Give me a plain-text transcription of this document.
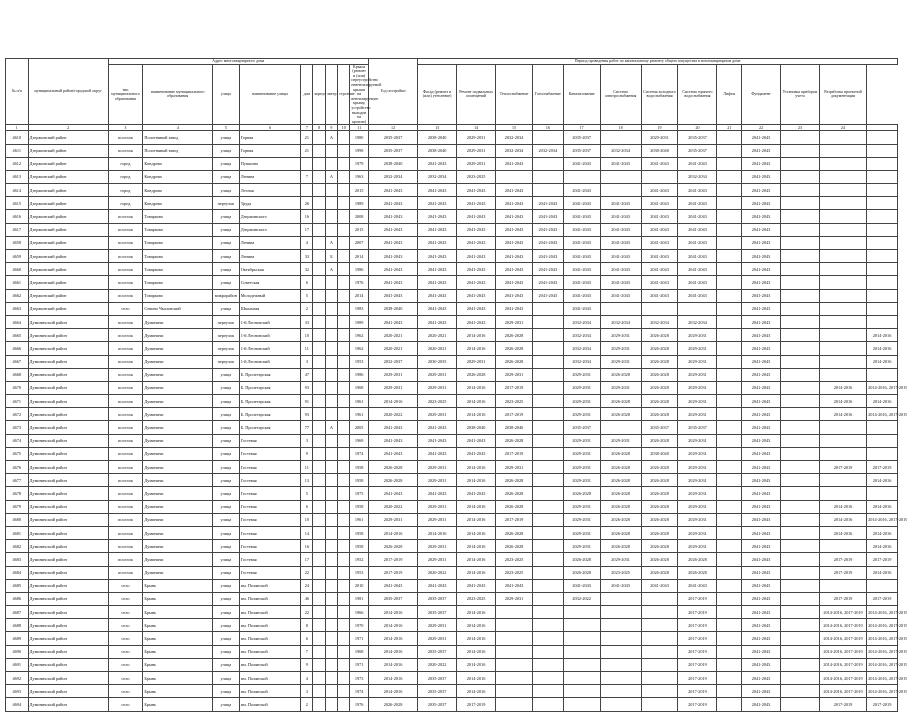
№ п/п	муниципальный район/городской округ	Адрес многоквартирного дома									Год постройки	Период проведения работ по капитальному ремонту общего имущества в многоквартирном доме												
		тип муниципального образования	наименование муниципального образования	улица	наименование улицы	дом	корпус	литер	строение	Крыша (ремонт и (или) переустройство невентилируемой крыши на вентилируемую крышу, устройство выходов на кровлю)		Фасад (ремонт и (или) утепление)	Ремонт подвальных помещений	Теплоснабжение	Газоснабжение	Канализование	Система электроснабжения	Система холодного водоснабжения	Система горячего водоснабжения	Лифты	Фундамент	Установка приборов учета	Разработка проектной документации	
1	2	3	4	5	6	7	8	9	10	11	12	13	14	15	16	17	18	19	20	21	22	23	24	
4610	Дзержинский район	поселок	Полотняный завод	улица	Горная	21		А		1980	2035-2037	2038-2040	2029-2031	2032-2034		2035-2037		2029-2031	2035-2037		2041-2043			
4611	Дзержинский район	поселок	Полотняный завод	улица	Горная	21				1998	2035-2037	2038-2040	2029-2031	2032-2034	2032-2034	2035-2037	2032-2034	2038-2040	2035-2037		2041-2043			
4612	Дзержинский район	город	Кондрово	улица	Пушкина					1979	2038-2040	2041-2043	2029-2031	2041-2043		2041-2043	2041-2043	2041-2043	2041-2043		2041-2043			
4613	Дзержинский район	город	Кондрово	улица	Ленина	7		А		1963	2032-2034	2032-2034	2023-2025						2032-2034		2041-2043			
4614	Дзержинский район	город	Кондрово	улица	Лесная					2015	2041-2043	2041-2043	2041-2043	2041-2043		2041-2043		2041-2043	2041-2043		2041-2043			
4615	Дзержинский район	город	Кондрово	переулок	Труда	26				1989	2041-2043	2041-2043	2041-2043	2041-2043	2041-2043	2041-2043	2041-2043	2041-2043	2041-2043		2041-2043			
4616	Дзержинский район	поселок	Товарково	улица	Дзержинского	16				2008	2041-2043	2041-2043	2041-2043	2041-2043	2041-2043	2041-2043	2041-2043	2041-2043	2041-2043		2041-2043			
4617	Дзержинский район	поселок	Товарково	улица	Дзержинского	17				2015	2041-2043	2041-2043	2041-2043	2041-2043	2041-2043	2041-2043	2041-2043	2041-2043	2041-2043		2041-2043			
4658	Дзержинский район	поселок	Товарково	улица	Ленина	4		А		2007	2041-2043	2041-2043	2041-2043	2041-2043	2041-2043	2041-2043	2041-2043	2041-2043	2041-2043		2041-2043			
4659	Дзержинский район	поселок	Товарково	улица	Ленина	33		Б		2014	2041-2043	2041-2043	2041-2043	2041-2043	2041-2043	2041-2043	2041-2043	2041-2043	2041-2043		2041-2043			
4660	Дзержинский район	поселок	Товарково	улица	Октябрьская	32		А		1986	2041-2043	2041-2043	2041-2043	2041-2043	2041-2043	2041-2043	2041-2043	2041-2043	2041-2043		2041-2043			
4661	Дзержинский район	поселок	Товарково	улица	Советская	6				1976	2041-2043	2041-2043	2041-2043	2041-2043	2041-2043	2041-2043	2041-2043	2041-2043	2041-2043		2041-2043			
4662	Дзержинский район	поселок	Товарково	микрорайон	Молодежный	5				2014	2041-2043	2041-2043	2041-2043	2041-2043	2041-2043	2041-2043	2041-2043	2041-2043	2041-2043		2041-2043			
4663	Дзержинский район	село	Севино Чкаловский	улица	Шкальная	2				1983	2038-2040	2041-2043	2041-2043	2041-2043		2041-2043					2041-2043			
4664	Думиничский район	поселок	Думиничи	переулок	1-й Леоновский	33				1989	2041-2043	2041-2043	2041-2043	2029-2031		2032-2034	2032-2034	2032-2034	2032-2034		2041-2043			
4665	Думиничский район	поселок	Думиничи	переулок	1-й Леоновский	10				1962	2020-2021	2020-2021	2014-2016	2026-2028		2032-2034	2029-2031	2026-2028	2029-2031		2041-2043			2014-2016
4666	Думиничский район	поселок	Думиничи	переулок	1-й Леоновский	11				1962	2020-2021	2020-2021	2014-2016	2026-2028		2032-2034	2029-2031	2026-2028	2029-2031		2041-2043			2014-2016
4667	Думиничский район	поселок	Думиничи	переулок	1-й Леоновский	3				1953	2032-2037	2030-2035	2029-2031	2026-2028		2032-2034	2029-2031	2026-2028	2029-2031		2041-2043			2014-2016
4668	Думиничский район	поселок	Думиничи	улица	Б. Пролетарская	47				1986	2029-2031	2029-2031	2026-2028	2029-2031		2029-2031	2026-2028	2026-2028	2029-2031		2041-2043			
4670	Думиничский район	поселок	Думиничи	улица	Б. Пролетарская	93				1968	2029-2031	2029-2031	2014-2016	2017-2019		2029-2031	2029-2031	2026-2028	2029-2031		2041-2043		2014-2016	2014-2016, 2017-2019
4671	Думиничский район	поселок	Думиничи	улица	Б. Пролетарская	91				1961	2014-2016	2023-2025	2014-2016	2023-2025		2029-2031	2026-2028	2026-2028	2029-2031		2041-2043		2014-2016	2014-2016
4672	Думиничский район	поселок	Думиничи	улица	Б. Пролетарская	93				1961	2020-2022	2029-2031	2014-2016	2017-2019		2029-2031	2026-2028	2026-2028	2029-2031		2041-2043		2014-2016	2014-2016, 2017-2019
4673	Думиничский район	поселок	Думиничи	улица	Б. Пролетарская	77		А		2005	2041-2043	2041-2043	2038-2040	2038-2040		2035-2037		2035-2037	2035-2037		2041-2043			
4674	Думиничский район	поселок	Думиничи	улица	Гостевая	3				1969	2041-2043	2041-2043	2041-2043	2026-2028		2029-2031	2029-2031	2026-2028	2029-2031		2041-2043			
4675	Думиничский район	поселок	Думиничи	улица	Гостевая	9				1974	2041-2043	2041-2043	2041-2043	2017-2019		2029-2031	2026-2028	2038-2040	2029-2031		2041-2043			
4676	Думиничский район	поселок	Думиничи	улица	Гостевая	11				1958	2026-2028	2029-2031	2014-2016	2029-2031		2029-2031	2026-2028	2026-2028	2029-2031		2041-2043		2017-2019	2017-2019
4677	Думиничский район	поселок	Думиничи	улица	Гостевая	13				1958	2026-2028	2029-2031	2014-2016	2026-2028		2029-2031	2026-2028	2026-2028	2029-2031		2041-2043			2014-2016
4678	Думиничский район	поселок	Думиничи	улица	Гостевая	5				1975	2041-2043	2041-2043	2041-2043	2026-2028		2026-2028	2026-2028	2026-2028	2029-2031		2041-2043			
4679	Думиничский район	поселок	Думиничи	улица	Гостевая	6				1958	2020-2022	2029-2031	2014-2016	2026-2028		2029-2031	2026-2028	2026-2028	2029-2031		2041-2043		2014-2016	2014-2016
4680	Думиничский район	поселок	Думиничи	улица	Гостевая	10				1961	2029-2031	2029-2031	2014-2016	2017-2019		2029-2031	2026-2028	2026-2028	2029-2031		2041-2043		2014-2016	2014-2016, 2017-2019
4681	Думиничский район	поселок	Думиничи	улица	Гостевая	14				1958	2014-2016	2014-2016	2014-2016	2026-2028		2029-2031	2026-2028	2026-2028	2029-2031		2041-2043		2014-2016	2014-2016
4682	Думиничский район	поселок	Думиничи	улица	Гостевая	16				1958	2026-2028	2029-2031	2014-2016	2026-2028		2029-2031	2026-2028	2026-2028	2029-2031		2041-2043			2014-2016
4683	Думиничский район	поселок	Думиничи	улица	Гостевая	17				1952	2017-2019	2029-2031	2014-2016	2023-2025		2026-2028	2029-2031	2026-2028	2026-2028		2041-2043		2017-2019	2017-2019
4684	Думиничский район	поселок	Думиничи	улица	Гостевая	22				1953	2017-2019	2020-2022	2014-2016	2023-2025		2026-2028	2023-2025	2026-2028	2026-2028		2041-2043		2017-2019	2014-2016
4685	Думиничский район	село	Брынь	улица	им. Полянской	24				2010	2041-2043	2041-2043	2041-2043	2041-2043		2041-2043	2041-2043	2041-2043	2041-2043		2041-2043			
4686	Думиничский район	село	Брынь	улица	им. Полянской	46				1981	2035-2037	2035-2037	2023-2025	2029-2031		2032-2022			2017-2019		2041-2043		2017-2019	2017-2019
4687	Думиничский район	село	Брынь	улица	им. Полянской	22				1966	2014-2016	2035-2037	2014-2016						2017-2019		2041-2043		2014-2016, 2017-2019	2014-2016, 2017-2019
4688	Думиничский район	село	Брынь	улица	им. Полянской	8				1970	2014-2016	2029-2031	2014-2016						2017-2019		2041-2043		2014-2016, 2017-2019	2014-2016, 2017-2019
4689	Думиничский район	село	Брынь	улица	им. Полянской	6				1971	2014-2016	2029-2031	2014-2016						2017-2019		2041-2043		2014-2016, 2017-2019	2014-2016, 2017-2019
4690	Думиничский район	село	Брынь	улица	им. Полянской	7				1968	2014-2016	2035-2037	2014-2016						2017-2019		2041-2043		2014-2016, 2017-2019	2014-2016, 2017-2019
4691	Думиничский район	село	Брынь	улица	им. Полянской	9				1971	2014-2016	2020-2022	2014-2016						2017-2019		2041-2043		2014-2016, 2017-2019	2014-2016, 2017-2019
4692	Думиничский район	село	Брынь	улица	им. Полянской	4				1973	2014-2016	2035-2037	2014-2016						2017-2019		2041-2043		2014-2016, 2017-2019	2014-2016, 2017-2019
4693	Думиничский район	село	Брынь	улица	им. Полянской	3				1974	2014-2016	2035-2037	2014-2016						2017-2019		2041-2043		2014-2016, 2017-2019	2014-2016, 2017-2019
4694	Думиничский район	село	Брынь	улица	им. Полянской	2				1976	2026-2028	2035-2037	2017-2019						2017-2019		2041-2043		2017-2019	2017-2019
